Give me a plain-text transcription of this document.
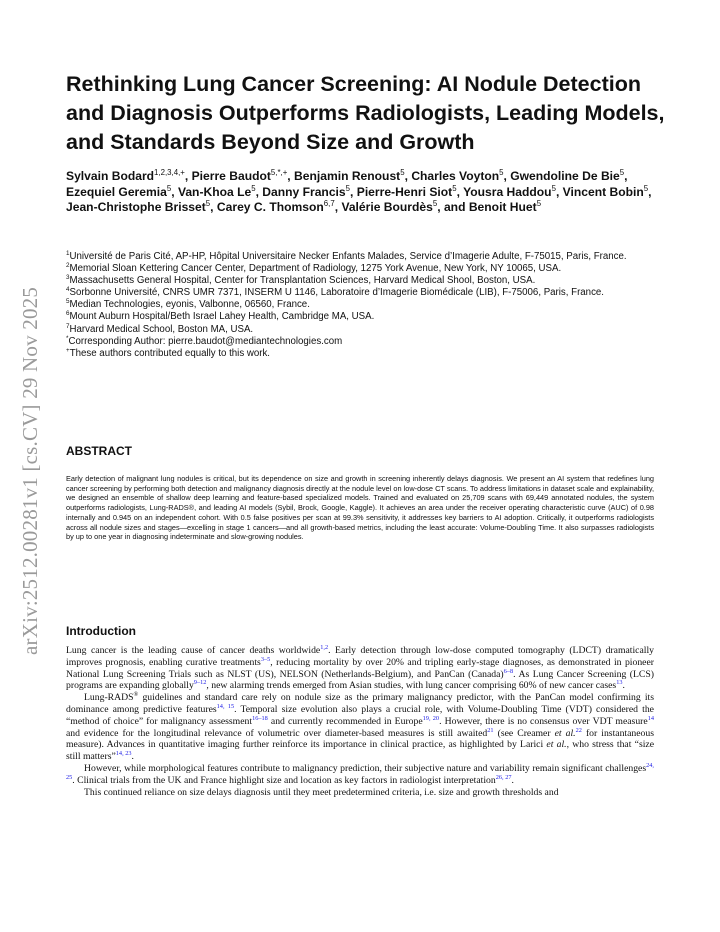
arXiv:2512.00281v1 [cs.CV] 29 Nov 2025
Rethinking Lung Cancer Screening: AI Nodule Detection and Diagnosis Outperforms Radiologists, Leading Models, and Standards Beyond Size and Growth

Sylvain Bodard$^{1,2,3,4,+}$, Pierre Baudot$^{5,*,+}$, Benjamin Renoust$^5$, Charles Voyton$^5$, Gwendoline De Bie$^5$, Ezequiel Geremia$^5$, Van-Khoa Le$^5$, Danny Francis$^5$, Pierre-Henri Siot$^5$, Yousra Haddou$^5$, Vincent Bobin$^5$, Jean-Christophe Brisset$^5$, Carey C. Thomson$^{6,7}$, Valérie Bourdès$^5$, and Benoit Huet$^5$

$^1$Université de Paris Cité, AP-HP, Hôpital Universitaire Necker Enfants Malades, Service d’Imagerie Adulte, F-75015, Paris, France.

$^2$Memorial Sloan Kettering Cancer Center, Department of Radiology, 1275 York Avenue, New York, NY 10065, USA.

$^3$Massachusetts General Hospital, Center for Transplantation Sciences, Harvard Medical Shool, Boston, USA.

$^4$Sorbonne Université, CNRS UMR 7371, INSERM U 1146, Laboratoire d’Imagerie Biomédicale (LIB), F-75006, Paris, France.

$^5$Median Technologies, eyonis, Valbonne, 06560, France.

$^6$Mount Auburn Hospital/Beth Israel Lahey Health, Cambridge MA, USA.

$^7$Harvard Medical School, Boston MA, USA.

*Corresponding Author: pierre.baudot@mediantechnologies.com

+These authors contributed equally to this work.

ABSTRACT

Early detection of malignant lung nodules is critical, but its dependence on size and growth in screening inherently delays diagnosis. We present an AI system that redefines lung cancer screening by performing both detection and malignancy diagnosis directly at the nodule level on low-dose CT scans. To address limitations in dataset scale and explainability, we designed an ensemble of shallow deep learning and feature-based specialized models. Trained and evaluated on 25,709 scans with 69,449 annotated nodules, the system outperforms radiologists, Lung-RADS®, and leading AI models (Sybil, Brock, Google, Kaggle). It achieves an area under the receiver operating characteristic curve (AUC) of 0.98 internally and 0.945 on an independent cohort. With 0.5 false positives per scan at 99.3% sensitivity, it addresses key barriers to AI adoption. Critically, it outperforms radiologists across all nodule sizes and stages—excelling in stage 1 cancers—and all growth-based metrics, including the least accurate: Volume-Doubling Time. It also surpasses radiologists by up to one year in diagnosing indeterminate and slow-growing nodules.

Introduction

Lung cancer is the leading cause of cancer deaths worldwide$^{1,2}$. Early detection through low-dose computed tomography (LDCT) dramatically improves prognosis, enabling curative treatments$^{3-5}$, reducing mortality by over 20% and tripling early-stage diagnoses, as demonstrated in pioneer National Lung Screening Trials such as NLST (US), NELSON (Netherlands-Belgium), and PanCan (Canada)$^{6-8}$. As Lung Cancer Screening (LCS) programs are expanding globally$^{9-12}$, new alarming trends emerged from Asian studies, with lung cancer comprising 60% of new cancer cases$^{13}$.

Lung-RADS® guidelines and standard care rely on nodule size as the primary malignancy predictor, with the PanCan model confirming its dominance among predictive features$^{14, 15}$. Temporal size evolution also plays a crucial role, with Volume-Doubling Time (VDT) considered the “method of choice” for malignancy assessment$^{16-18}$ and currently recommended in Europe$^{19, 20}$. However, there is no consensus over VDT measure$^{14}$ and evidence for the longitudinal relevance of volumetric over diameter-based measures is still awaited$^{21}$ (see Creamer et al.$^{22}$ for instantaneous measure). Advances in quantitative imaging further reinforce its importance in clinical practice, as highlighted by Larici et al., who stress that “size still matters”$^{14, 23}$.

However, while morphological features contribute to malignancy prediction, their subjective nature and variability remain significant challenges$^{24, 25}$. Clinical trials from the UK and France highlight size and location as key factors in radiologist interpretation$^{26, 27}$.

This continued reliance on size delays diagnosis until they meet predetermined criteria, i.e. size and growth thresholds and
